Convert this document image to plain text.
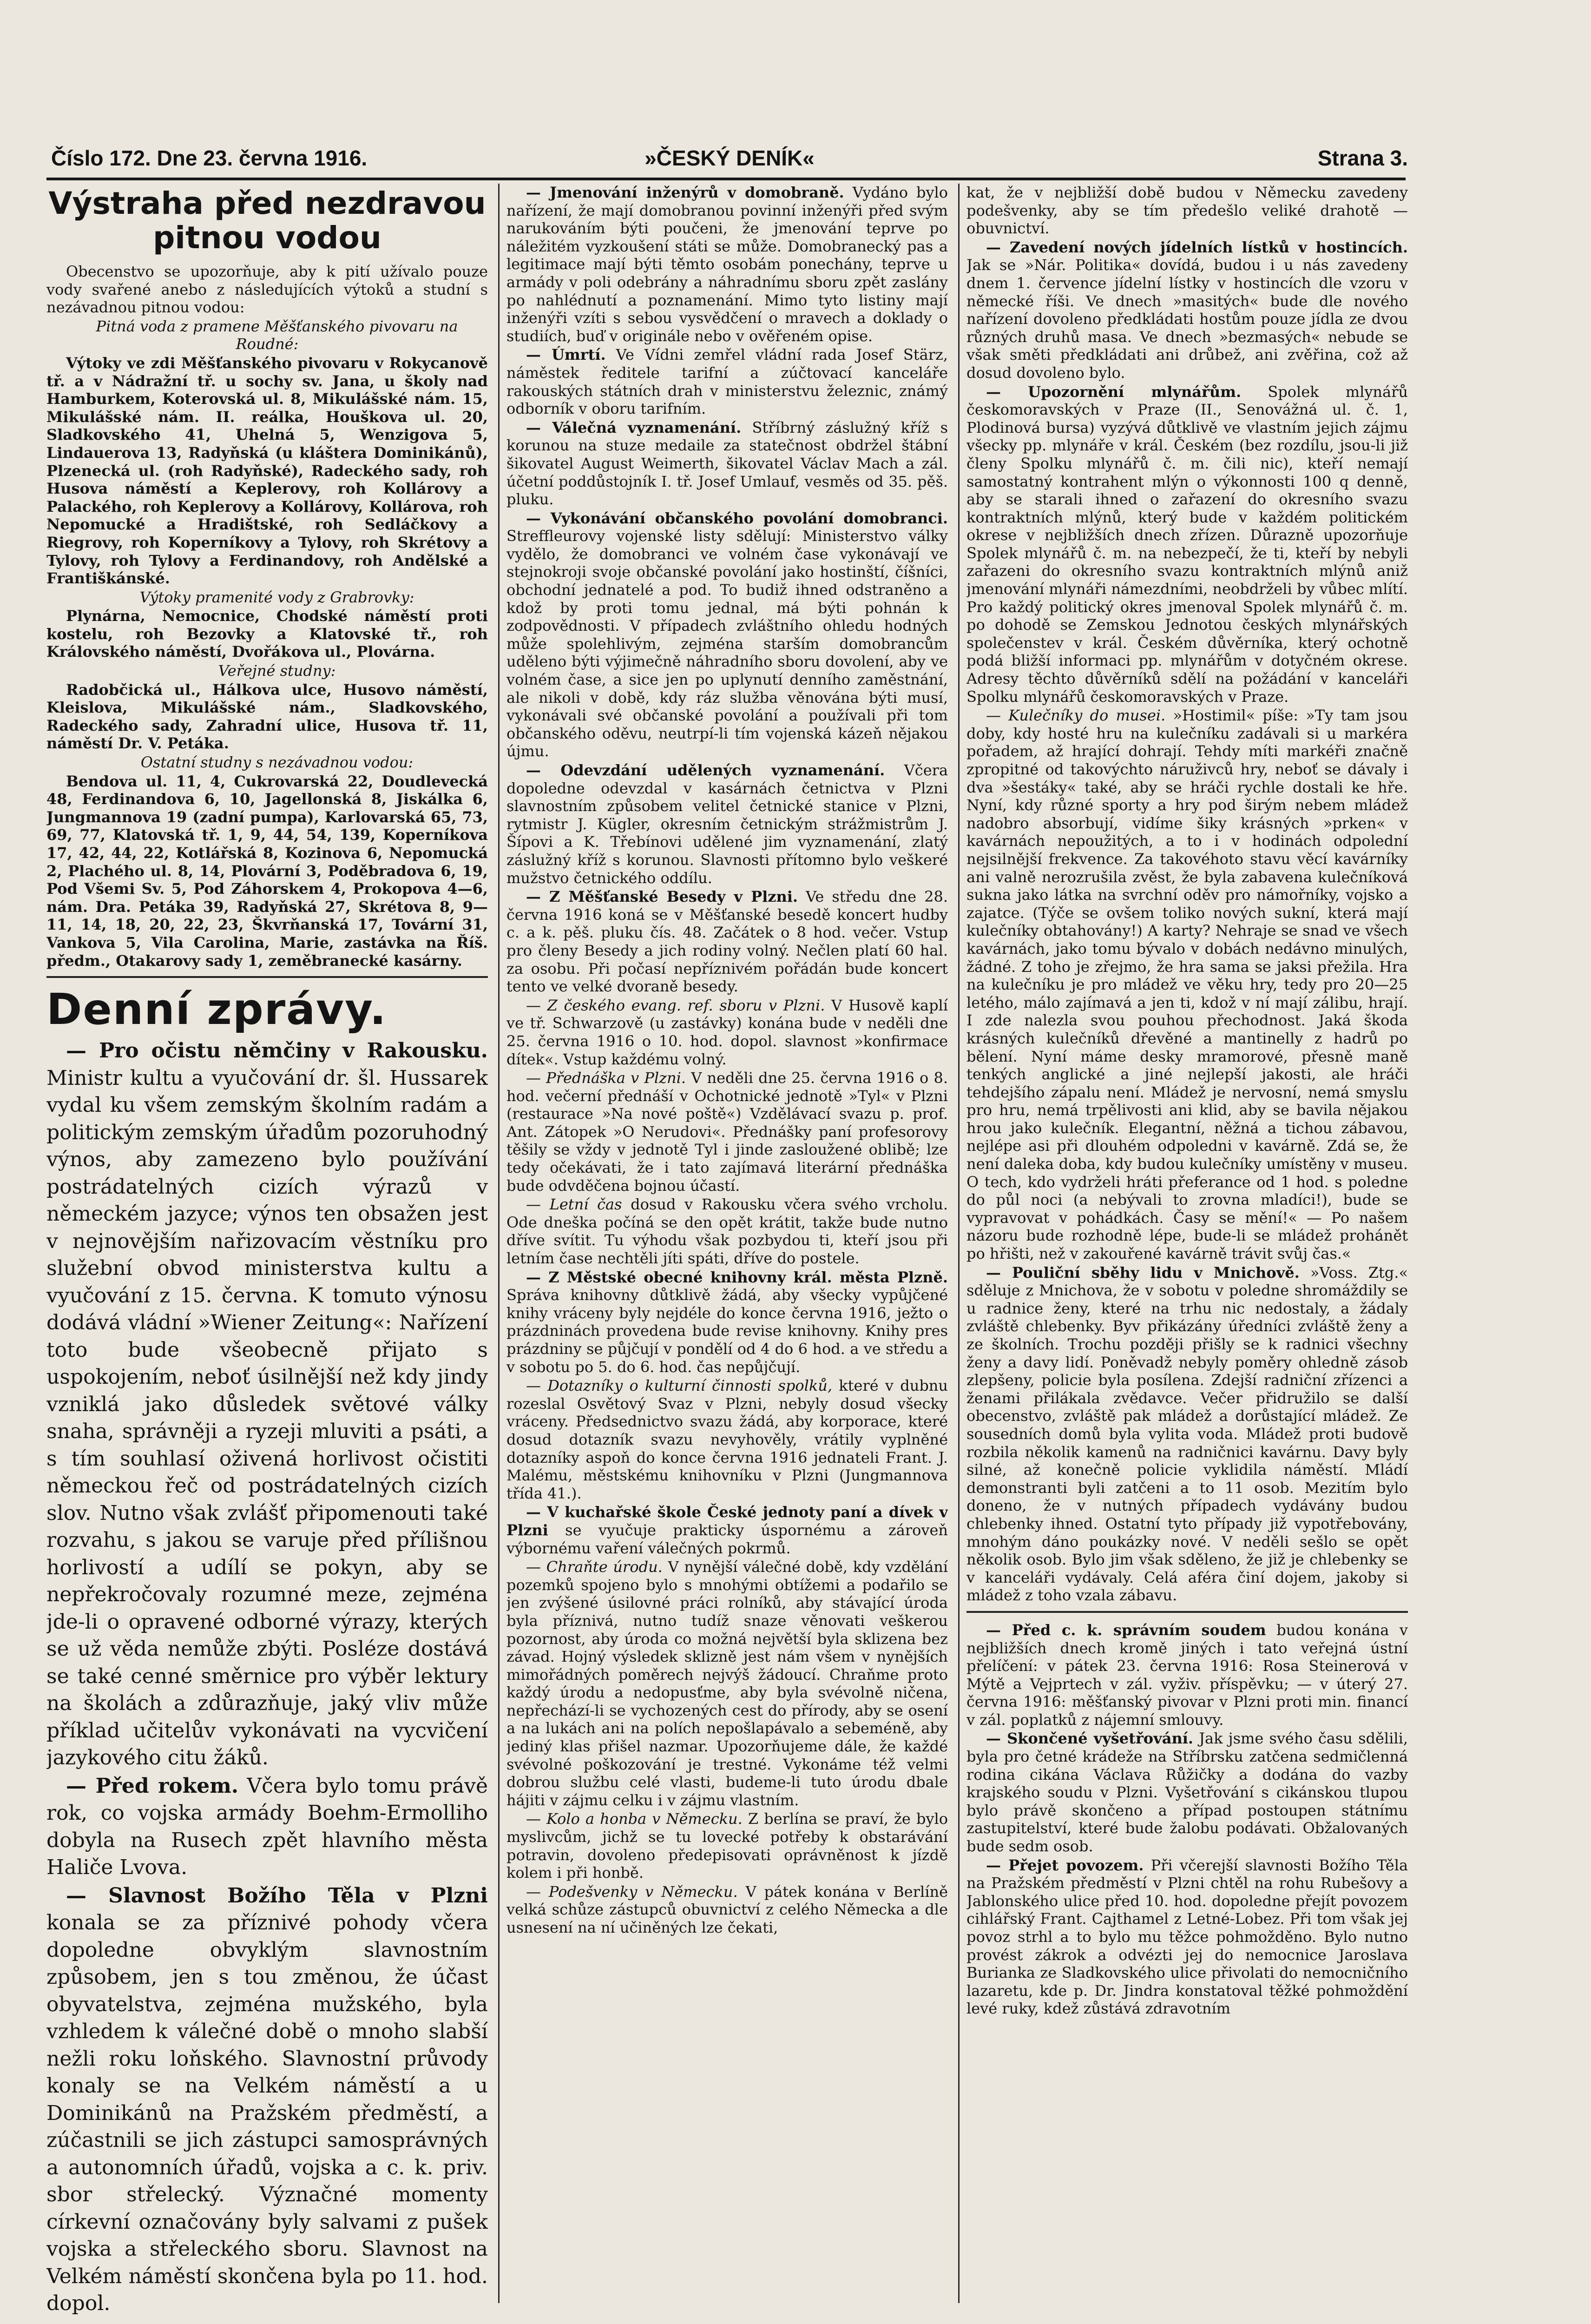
Číslo 172. Dne 23. června 1916.	»ČESKÝ DENÍK«	Strana 3.
Výstraha před nezdravou pitnou vodou

Obecenstvo se upozorňuje, aby k pití užívalo pouze vody svařené anebo z následujících výtoků a studní s nezávadnou pitnou vodou:

Pitná voda z pramene Měšťanského pivovaru na Roudné:

Výtoky ve zdi Měšťanského pivovaru v Rokycanově tř. a v Nádražní tř. u sochy sv. Jana, u školy nad Hamburkem, Koterovská ul. 8, Mikulášské nám. 15, Mikulášské nám. II. reálka, Houškova ul. 20, Sladkovského 41, Uhelná 5, Wenzigova 5, Lindauerova 13, Radyňská (u kláštera Dominikánů), Plzenecká ul. (roh Radyňské), Radeckého sady, roh Husova náměstí a Keplerovy, roh Kollárovy a Palackého, roh Keplerovy a Kollárovy, Kollárova, roh Nepomucké a Hradištské, roh Sedláčkovy a Riegrovy, roh Koperníkovy a Tylovy, roh Skrétovy a Tylovy, roh Tylovy a Ferdinandovy, roh Andělské a Františkánské.

Výtoky pramenité vody z Grabrovky:

Plynárna, Nemocnice, Chodské náměstí proti kostelu, roh Bezovky a Klatovské tř., roh Královského náměstí, Dvořákova ul., Plovárna.

Veřejné studny:

Radobčická ul., Hálkova ulce, Husovo náměstí, Kleislova, Mikulášské nám., Sladkovského, Radeckého sady, Zahradní ulice, Husova tř. 11, náměstí Dr. V. Petáka.

Ostatní studny s nezávadnou vodou:

Bendova ul. 11, 4, Cukrovarská 22, Doudlevecká 48, Ferdinandova 6, 10, Jagellonská 8, Jiskálka 6, Jungmannova 19 (zadní pumpa), Karlovarská 65, 73, 69, 77, Klatovská tř. 1, 9, 44, 54, 139, Koperníkova 17, 42, 44, 22, Kotlářská 8, Kozinova 6, Nepomucká 2, Plachého ul. 8, 14, Plovární 3, Poděbradova 6, 19, Pod Všemi Sv. 5, Pod Záhorskem 4, Prokopova 4—6, nám. Dra. Petáka 39, Radyňská 27, Skrétova 8, 9—11, 14, 18, 20, 22, 23, Škvrňanská 17, Tovární 31, Vankova 5, Vila Carolina, Marie, zastávka na Říš. předm., Otakarovy sady 1, zeměbranecké kasárny.

Denní zprávy.

— Pro očistu němčiny v Rakousku. Ministr kultu a vyučování dr. šl. Hussarek vydal ku všem zemským školním radám a politickým zemským úřadům pozoruhodný výnos, aby zamezeno bylo používání postrádatelných cizích výrazů v německém jazyce; výnos ten obsažen jest v nejnovějším nařizovacím věstníku pro služební obvod ministerstva kultu a vyučování z 15. června. K tomuto výnosu dodává vládní »Wiener Zeitung«: Nařízení toto bude všeobecně přijato s uspokojením, neboť úsilnější než kdy jindy vzniklá jako důsledek světové války snaha, správněji a ryzeji mluviti a psáti, a s tím souhlasí oživená horlivost očistiti německou řeč od postrádatelných cizích slov. Nutno však zvlášť připomenouti také rozvahu, s jakou se varuje před přílišnou horlivostí a udílí se pokyn, aby se nepřekročovaly rozumné meze, zejména jde-li o opravené odborné výrazy, kterých se už věda nemůže zbýti. Posléze dostává se také cenné směrnice pro výběr lektury na školách a zdůrazňuje, jaký vliv může příklad učitelův vykonávati na vycvičení jazykového citu žáků.

— Před rokem. Včera bylo tomu právě rok, co vojska armády Boehm-Ermolliho dobyla na Rusech zpět hlavního města Haliče Lvova.

— Slavnost Božího Těla v Plzni konala se za příznivé pohody včera dopoledne obvyklým slavnostním způsobem, jen s tou změnou, že účast obyvatelstva, zejména mužského, byla vzhledem k válečné době o mnoho slabší nežli roku loňského. Slavnostní průvody konaly se na Velkém náměstí a u Dominikánů na Pražském předměstí, a zúčastnili se jich zástupci samosprávných a autonomních úřadů, vojska a c. k. priv. sbor střelecký. Význačné momenty církevní označovány byly salvami z pušek vojska a střeleckého sboru. Slavnost na Velkém náměstí skončena byla po 11. hod. dopol.

— Jmenování inženýrů v domobraně. Vydáno bylo nařízení, že mají domobranou povinní inženýři před svým narukováním býti poučeni, že jmenování teprve po náležitém vyzkoušení státi se může. Domobranecký pas a legitimace mají býti těmto osobám ponechány, teprve u armády v poli odebrány a náhradnímu sboru zpět zaslány po nahlédnutí a poznamenání. Mimo tyto listiny mají inženýři vzíti s sebou vysvědčení o mravech a doklady o studiích, buď v originále nebo v ověřeném opise.

— Úmrtí. Ve Vídni zemřel vládní rada Josef Stärz, náměstek ředitele tarifní a zúčtovací kanceláře rakouských státních drah v ministerstvu železnic, známý odborník v oboru tarifním.

— Válečná vyznamenání. Stříbrný záslužný kříž s korunou na stuze medaile za statečnost obdržel štábní šikovatel August Weimerth, šikovatel Václav Mach a zál. účetní poddůstojník I. tř. Josef Umlauf, vesměs od 35. pěš. pluku.

— Vykonávání občanského povolání domobranci. Streffleurovy vojenské listy sdělují: Ministerstvo války vydělo, že domobranci ve volném čase vykonávají ve stejnokroji svoje občanské povolání jako hostinští, číšníci, obchodní jednatelé a pod. To budiž ihned odstraněno a kdož by proti tomu jednal, má býti pohnán k zodpovědnosti. V případech zvláštního ohledu hodných může spolehlivým, zejména starším domobrancům uděleno býti výjimečně náhradního sboru dovolení, aby ve volném čase, a sice jen po uplynutí denního zaměstnání, ale nikoli v době, kdy ráz služba věnována býti musí, vykonávali své občanské povolání a používali při tom občanského oděvu, neutrpí-li tím vojenská kázeň nějakou újmu.

— Odevzdání udělených vyznamenání. Včera dopoledne odevzdal v kasárnách četnictva v Plzni slavnostním způsobem velitel četnické stanice v Plzni, rytmistr J. Kügler, okresním četnickým strážmistrům J. Šípovi a K. Třebínovi udělené jim vyznamenání, zlatý záslužný kříž s korunou. Slavnosti přítomno bylo veškeré mužstvo četnického oddílu.

— Z Měšťanské Besedy v Plzni. Ve středu dne 28. června 1916 koná se v Měšťanské besedě koncert hudby c. a k. pěš. pluku čís. 48. Začátek o 8 hod. večer. Vstup pro členy Besedy a jich rodiny volný. Nečlen platí 60 hal. za osobu. Při počasí nepříznivém pořádán bude koncert tento ve velké dvoraně besedy.

— Z českého evang. ref. sboru v Plzni. V Husově kaplí ve tř. Schwarzově (u zastávky) konána bude v neděli dne 25. června 1916 o 10. hod. dopol. slavnost »konfirmace dítek«. Vstup každému volný.

— Přednáška v Plzni. V neděli dne 25. června 1916 o 8. hod. večerní přednáší v Ochotnické jednotě »Tyl« v Plzni (restaurace »Na nové poště«) Vzdělávací svazu p. prof. Ant. Zátopek »O Nerudovi«. Přednášky paní profesorovy těšily se vždy v jednotě Tyl i jinde zasloužené oblibě; lze tedy očekávati, že i tato zajímavá literární přednáška bude odvděčena bojnou účastí.

— Letní čas dosud v Rakousku včera svého vrcholu. Ode dneška počíná se den opět krátit, takže bude nutno dříve svítit. Tu výhodu však pozbydou ti, kteří jsou při letním čase nechtěli jíti spáti, dříve do postele.

— Z Městské obecné knihovny král. města Plzně. Správa knihovny důtklivě žádá, aby všecky vypůjčené knihy vráceny byly nejdéle do konce června 1916, ježto o prázdninách provedena bude revise knihovny. Knihy pres prázdniny se půjčují v pondělí od 4 do 6 hod. a ve středu a v sobotu po 5. do 6. hod. čas nepůjčují.

— Dotazníky o kulturní činnosti spolků, které v dubnu rozeslal Osvětový Svaz v Plzni, nebyly dosud všecky vráceny. Předsednictvo svazu žádá, aby korporace, které dosud dotazník svazu nevyhověly, vrátily vyplněné dotazníky aspoň do konce června 1916 jednateli Frant. J. Malému, městskému knihovníku v Plzni (Jungmannova třída 41.).

— V kuchařské škole České jednoty paní a dívek v Plzni se vyučuje prakticky úspornému a zároveň výbornému vaření válečných pokrmů.

— Chraňte úrodu. V nynější válečné době, kdy vzdělání pozemků spojeno bylo s mnohými obtížemi a podařilo se jen zvýšené úsilovné práci rolníků, aby stávající úroda byla příznivá, nutno tudíž snaze věnovati veškerou pozornost, aby úroda co možná největší byla sklizena bez závad. Hojný výsledek sklizně jest nám všem v nynějších mimořádných poměrech nejvýš žádoucí. Chraňme proto každý úrodu a nedopusťme, aby byla svévolně ničena, nepřechází-li se vychozených cest do přírody, aby se osení a na lukách ani na polích nepošlapávalo a sebeméně, aby jediný klas přišel nazmar. Upozorňujeme dále, že každé svévolné poškozování je trestné. Vykonáme též velmi dobrou službu celé vlasti, budeme-li tuto úrodu dbale hájiti v zájmu celku i v zájmu vlastním.

— Kolo a honba v Německu. Z berlína se praví, že bylo myslivcům, jichž se tu lovecké potřeby k obstarávání potravin, dovoleno předepisovati oprávněnost k jízdě kolem i při honbě.

— Podešvenky v Německu. V pátek konána v Berlíně velká schůze zástupců obuvnictví z celého Německa a dle usnesení na ní učiněných lze čekati,

kat, že v nejbližší době budou v Německu zavedeny podešvenky, aby se tím předešlo veliké drahotě — obuvnictví.

— Zavedení nových jídelních lístků v hostincích. Jak se »Nár. Politika« dovídá, budou i u nás zavedeny dnem 1. července jídelní lístky v hostincích dle vzoru v německé říši. Ve dnech »masitých« bude dle nového nařízení dovoleno předkládati hostům pouze jídla ze dvou různých druhů masa. Ve dnech »bezmasých« nebude se však směti předkládati ani drůbež, ani zvěřina, což až dosud dovoleno bylo.

— Upozornění mlynářům. Spolek mlynářů českomoravských v Praze (II., Senovážná ul. č. 1, Plodinová bursa) vyzývá důtklivě ve vlastním jejich zájmu všecky pp. mlynáře v král. Českém (bez rozdílu, jsou-li již členy Spolku mlynářů č. m. čili nic), kteří nemají samostatný kontrahent mlýn o výkonnosti 100 q denně, aby se starali ihned o zařazení do okresního svazu kontraktních mlýnů, který bude v každém politickém okrese v nejbližších dnech zřízen. Důrazně upozorňuje Spolek mlynářů č. m. na nebezpečí, že ti, kteří by nebyli zařazeni do okresního svazu kontraktních mlýnů aniž jmenování mlynáři námezdními, neobdrželi by vůbec mlítí. Pro každý politický okres jmenoval Spolek mlynářů č. m. po dohodě se Zemskou Jednotou českých mlynářských společenstev v král. Českém důvěrníka, který ochotně podá bližší informaci pp. mlynářům v dotyčném okrese. Adresy těchto důvěrníků sdělí na požádání v kanceláři Spolku mlynářů českomoravských v Praze.

— Kulečníky do musei. »Hostimil« píše: »Ty tam jsou doby, kdy hosté hru na kulečníku zadávali si u markéra pořadem, až hrající dohrají. Tehdy míti markéři značně zpropitné od takovýchto náruživců hry, neboť se dávaly i dva »šestáky« také, aby se hráči rychle dostali ke hře. Nyní, kdy různé sporty a hry pod širým nebem mládež nadobro absorbují, vidíme šiky krásných »prken« v kavárnách nepoužitých, a to i v hodinách odpolední nejsilnější frekvence. Za takovéhoto stavu věcí kavárníky ani valně nerozrušila zvěst, že byla zabavena kulečníková sukna jako látka na svrchní oděv pro námořníky, vojsko a zajatce. (Týče se ovšem toliko nových sukní, která mají kulečníky obtahovány!) A karty? Nehraje se snad ve všech kavárnách, jako tomu bývalo v dobách nedávno minulých, žádné. Z toho je zřejmo, že hra sama se jaksi přežila. Hra na kulečníku je pro mládež ve věku hry, tedy pro 20—25 letého, málo zajímavá a jen ti, kdož v ní mají zálibu, hrají. I zde nalezla svou pouhou přechodnost. Jaká škoda krásných kulečníků dřevěné a mantinelly z hadrů po bělení. Nyní máme desky mramorové, přesně maně tenkých anglické a jiné nejlepší jakosti, ale hráči tehdejšího zápalu není. Mládež je nervosní, nemá smyslu pro hru, nemá trpělivosti ani klid, aby se bavila nějakou hrou jako kulečník. Elegantní, něžná a tichou zábavou, nejlépe asi při dlouhém odpoledni v kavárně. Zdá se, že není daleka doba, kdy budou kulečníky umístěny v museu. O tech, kdo vydrželi hráti přeferance od 1 hod. s poledne do půl noci (a nebývali to zrovna mladíci!), bude se vypravovat v pohádkách. Časy se mění!« — Po našem názoru bude rozhodně lépe, bude-li se mládež prohánět po hřišti, než v zakouřené kavárně trávit svůj čas.«

— Pouliční sběhy lidu v Mnichově. »Voss. Ztg.« sděluje z Mnichova, že v sobotu v poledne shromáždily se u radnice ženy, které na trhu nic nedostaly, a žádaly zvláště chlebenky. Byv přikázány úředníci zvláště ženy a ze školních. Trochu později přišly se k radnici všechny ženy a davy lidí. Poněvadž nebyly poměry ohledně zásob zlepšeny, policie byla posílena. Zdejší radniční zřízenci a ženami přilákala zvědavce. Večer přidružilo se další obecenstvo, zvláště pak mládež a dorůstající mládež. Ze sousedních domů byla vylita voda. Mládež proti budově rozbila několik kamenů na radničnici kavárnu. Davy byly silné, až konečně policie vyklidila náměstí. Mládí demonstranti byli zatčeni a to 11 osob. Mezitím bylo doneno, že v nutných případech vydávány budou chlebenky ihned. Ostatní tyto případy již vypotřebovány, mnohým dáno poukázky nové. V neděli sešlo se opět několik osob. Bylo jim však sděleno, že již je chlebenky se v kanceláři vydávaly. Celá aféra činí dojem, jakoby si mládež z toho vzala zábavu.

— Před c. k. správním soudem budou konána v nejbližších dnech kromě jiných i tato veřejná ústní přelíčení: v pátek 23. června 1916: Rosa Steinerová v Mýtě a Vejprtech v zál. vyživ. příspěvku; — v úterý 27. června 1916: měšťanský pivovar v Plzni proti min. financí v zál. poplatků z nájemní smlouvy.

— Skončené vyšetřování. Jak jsme svého času sdělili, byla pro četné krádeže na Stříbrsku zatčena sedmičlenná rodina cikána Václava Růžičky a dodána do vazby krajského soudu v Plzni. Vyšetřování s cikánskou tlupou bylo právě skončeno a případ postoupen státnímu zastupitelství, které bude žalobu podávati. Obžalovaných bude sedm osob.

— Přejet povozem. Při včerejší slavnosti Božího Těla na Pražském předměstí v Plzni chtěl na rohu Rubešovy a Jablonského ulice před 10. hod. dopoledne přejít povozem cihlářský Frant. Cajthamel z Letné-Lobez. Při tom však jej povoz strhl a to bylo mu těžce pohmožděno. Bylo nutno provést zákrok a odvézti jej do nemocnice Jaroslava Burianka ze Sladkovského ulice přivolati do nemocničního lazaretu, kde p. Dr. Jindra konstatoval těžké pohmoždění levé ruky, kdež zůstává zdravotním
